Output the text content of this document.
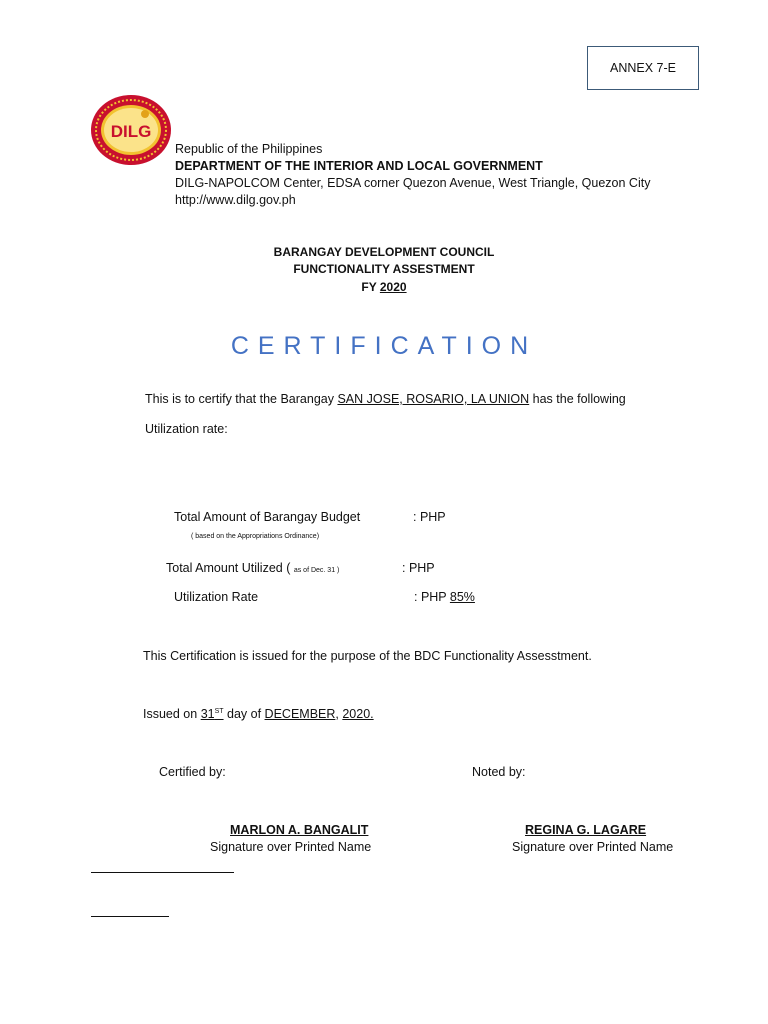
ANNEX 7-E
DILG
Republic of the Philippines
DEPARTMENT OF THE INTERIOR AND LOCAL GOVERNMENT
DILG-NAPOLCOM Center, EDSA corner Quezon Avenue, West Triangle, Quezon City
http://www.dilg.gov.ph
BARANGAY DEVELOPMENT COUNCIL
FUNCTIONALITY ASSESTMENT
FY 2020
CERTIFICATION
This is to certify that the Barangay SAN JOSE, ROSARIO, LA UNION has the following
Utilization rate:
Total Amount of Barangay Budget	: PHP
( based on the Appropriations Ordinance)
Total Amount Utilized ( as of Dec. 31 )	: PHP
Utilization Rate	: PHP 85%
This Certification is issued for the purpose of the BDC Functionality Assesstment.
Issued on 31ST day of DECEMBER, 2020.
Certified by:	Noted by:
MARLON A. BANGALIT
Signature over Printed Name
REGINA G. LAGARE
Signature over Printed Name
